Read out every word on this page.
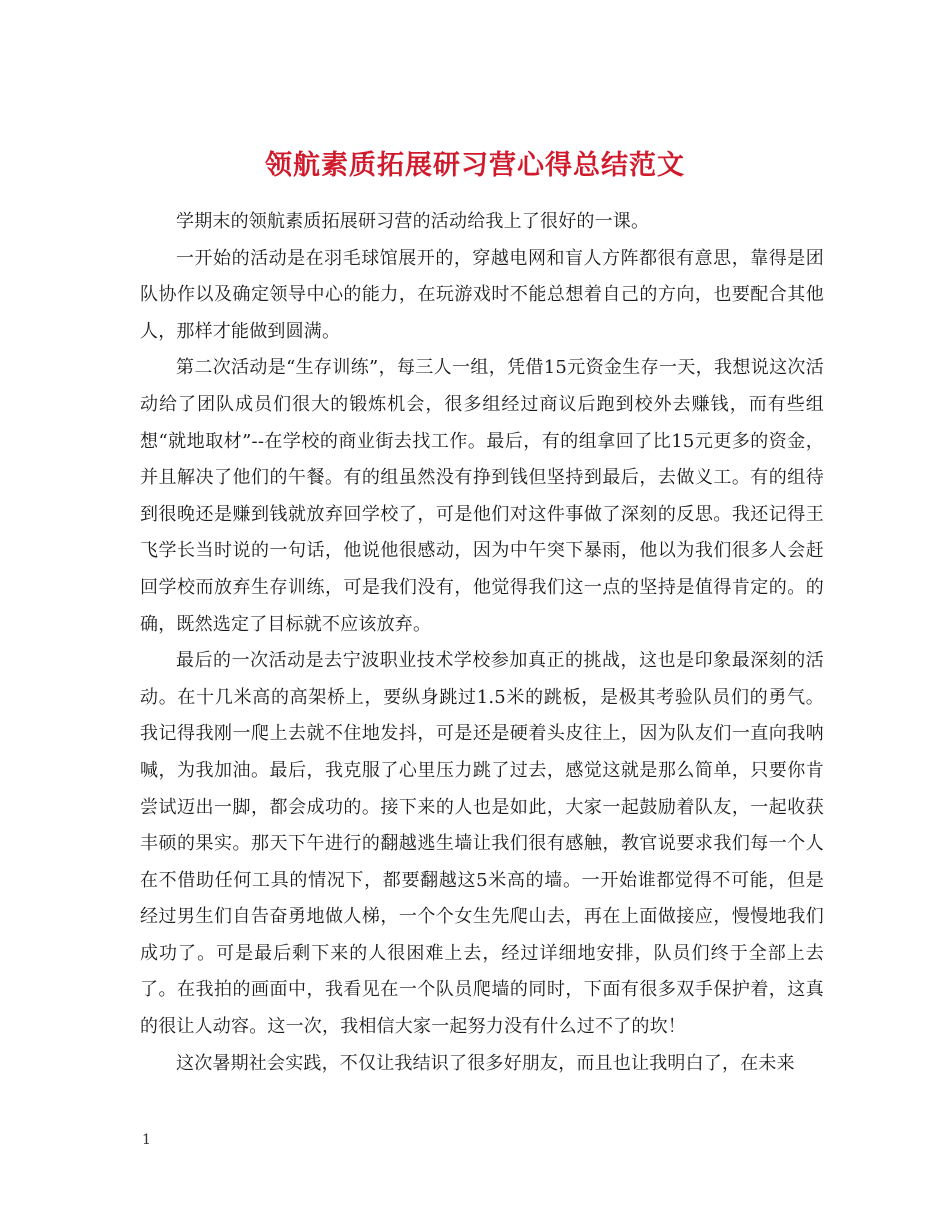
领航素质拓展研习营心得总结范文

学期末的领航素质拓展研习营的活动给我上了很好的一课。

一开始的活动是在羽毛球馆展开的，穿越电网和盲人方阵都很有意思，靠得是团队协作以及确定领导中心的能力，在玩游戏时不能总想着自己的方向，也要配合其他人，那样才能做到圆满。

第二次活动是“生存训练”，每三人一组，凭借15元资金生存一天，我想说这次活动给了团队成员们很大的锻炼机会，很多组经过商议后跑到校外去赚钱，而有些组想“就地取材”--在学校的商业街去找工作。最后，有的组拿回了比15元更多的资金，并且解决了他们的午餐。有的组虽然没有挣到钱但坚持到最后，去做义工。有的组待到很晚还是赚到钱就放弃回学校了，可是他们对这件事做了深刻的反思。我还记得王飞学长当时说的一句话，他说他很感动，因为中午突下暴雨，他以为我们很多人会赶回学校而放弃生存训练，可是我们没有，他觉得我们这一点的坚持是值得肯定的。的确，既然选定了目标就不应该放弃。

最后的一次活动是去宁波职业技术学校参加真正的挑战，这也是印象最深刻的活动。在十几米高的高架桥上，要纵身跳过1.5米的跳板，是极其考验队员们的勇气。我记得我刚一爬上去就不住地发抖，可是还是硬着头皮往上，因为队友们一直向我呐喊，为我加油。最后，我克服了心里压力跳了过去，感觉这就是那么简单，只要你肯尝试迈出一脚，都会成功的。接下来的人也是如此，大家一起鼓励着队友，一起收获丰硕的果实。那天下午进行的翻越逃生墙让我们很有感触，教官说要求我们每一个人在不借助任何工具的情况下，都要翻越这5米高的墙。一开始谁都觉得不可能，但是经过男生们自告奋勇地做人梯，一个个女生先爬山去，再在上面做接应，慢慢地我们成功了。可是最后剩下来的人很困难上去，经过详细地安排，队员们终于全部上去了。在我拍的画面中，我看见在一个队员爬墙的同时，下面有很多双手保护着，这真的很让人动容。这一次，我相信大家一起努力没有什么过不了的坎！

这次暑期社会实践，不仅让我结识了很多好朋友，而且也让我明白了，在未来

1
